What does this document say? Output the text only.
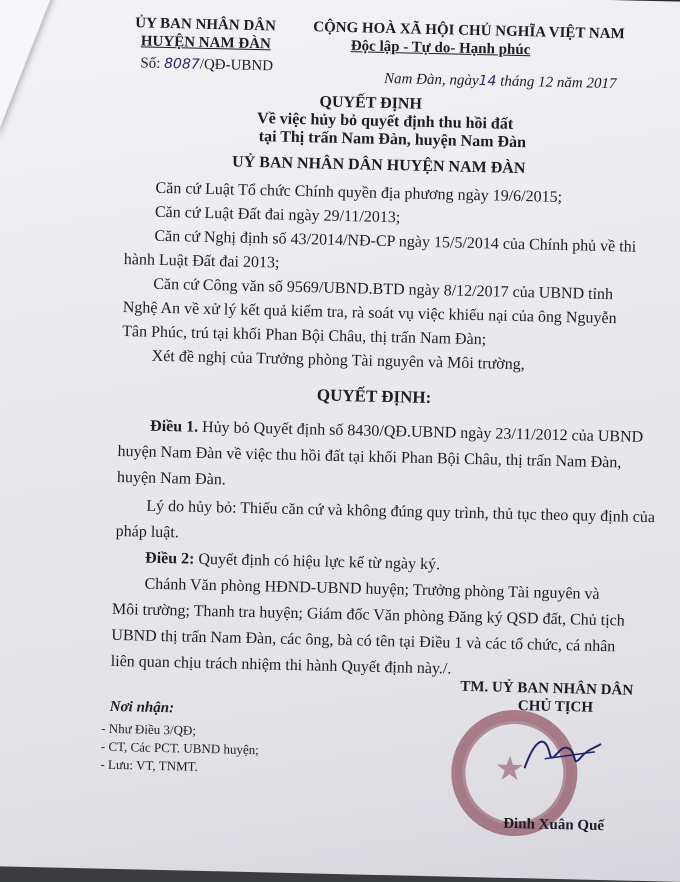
ỦY BAN NHÂN DÂN
HUYỆN NAM ĐÀN
Số: 8087/QĐ-UBND
CỘNG HOÀ XÃ HỘI CHỦ NGHĨA VIỆT NAM
Độc lập - Tự do- Hạnh phúc
Nam Đàn, ngày14 tháng 12 năm 2017
QUYẾT ĐỊNH
Về việc hủy bỏ quyết định thu hồi đất
tại Thị trấn Nam Đàn, huyện Nam Đàn
UỶ BAN NHÂN DÂN HUYỆN NAM ĐÀN
Căn cứ Luật Tổ chức Chính quyền địa phương ngày 19/6/2015;
Căn cứ Luật Đất đai ngày 29/11/2013;
Căn cứ Nghị định số 43/2014/NĐ-CP ngày 15/5/2014 của Chính phủ về thi
hành Luật Đất đai 2013;
Căn cứ Công văn số 9569/UBND.BTD ngày 8/12/2017 của UBND tỉnh
Nghệ An về xử lý kết quả kiểm tra, rà soát vụ việc khiếu nại của ông Nguyễn
Tân Phúc, trú tại khối Phan Bội Châu, thị trấn Nam Đàn;
Xét đề nghị của Trưởng phòng Tài nguyên và Môi trường,
QUYẾT ĐỊNH:
Điều 1. Hủy bỏ Quyết định số 8430/QĐ.UBND ngày 23/11/2012 của UBND
huyện Nam Đàn về việc thu hồi đất tại khối Phan Bội Châu, thị trấn Nam Đàn,
huyện Nam Đàn.
Lý do hủy bỏ: Thiếu căn cứ và không đúng quy trình, thủ tục theo quy định của
pháp luật.
Điều 2: Quyết định có hiệu lực kể từ ngày ký.
Chánh Văn phòng HĐND-UBND huyện; Trưởng phòng Tài nguyên và
Môi trường; Thanh tra huyện; Giám đốc Văn phòng Đăng ký QSD đất, Chủ tịch
UBND thị trấn Nam Đàn, các ông, bà có tên tại Điều 1 và các tổ chức, cá nhân
liên quan chịu trách nhiệm thi hành Quyết định này./.
Nơi nhận:
- Như Điều 3/QĐ;
- CT, Các PCT. UBND huyện;
- Lưu: VT, TNMT.
TM. UỶ BAN NHÂN DÂN
CHỦ TỊCH
★
Đinh Xuân Quế
